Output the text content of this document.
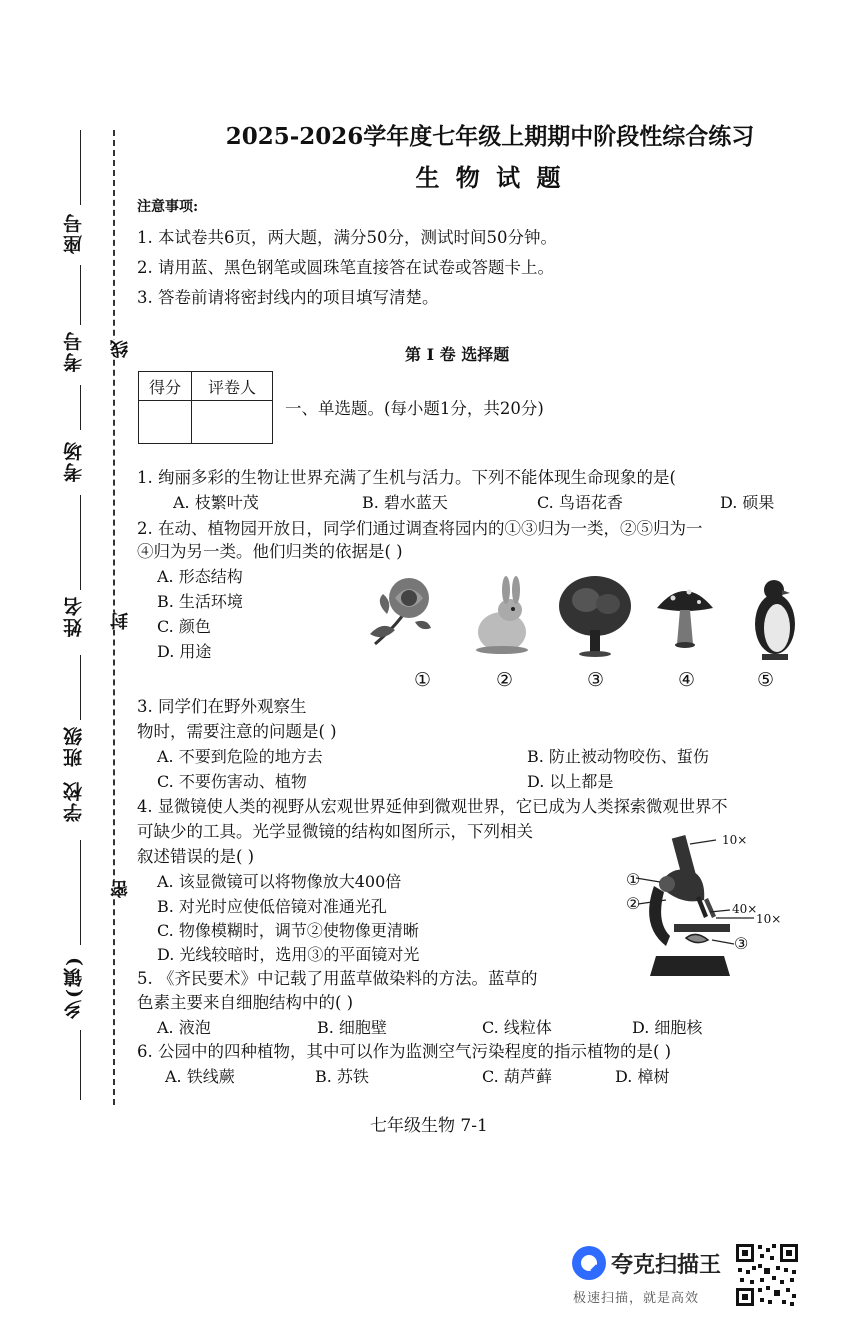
座号
考号
考场
姓名
班级
学校
乡(镇)
线
封
密
2025-2026学年度七年级上期期中阶段性综合练习
生 物 试 题
注意事项:
1. 本试卷共6页，两大题，满分50分，测试时间50分钟。
2. 请用蓝、黑色钢笔或圆珠笔直接答在试卷或答题卡上。
3. 答卷前请将密封线内的项目填写清楚。
第 I 卷 选择题
得分	评卷人

一、单选题。(每小题1分，共20分)
1. 绚丽多彩的生物让世界充满了生机与活力。下列不能体现生命现象的是(
A. 枝繁叶茂	B. 碧水蓝天	C. 鸟语花香	D. 硕果
2. 在动、植物园开放日，同学们通过调查将园内的①③归为一类，②⑤归为一
④归为另一类。他们归类的依据是( )
A. 形态结构
B. 生活环境
C. 颜色
D. 用途
①	②	③	④	⑤
3. 同学们在野外观察生
物时，需要注意的问题是( )
A. 不要到危险的地方去	B. 防止被动物咬伤、蜇伤
C. 不要伤害动、植物	D. 以上都是
4. 显微镜使人类的视野从宏观世界延伸到微观世界，它已成为人类探索微观世界不
可缺少的工具。光学显微镜的结构如图所示，下列相关
叙述错误的是( )
A. 该显微镜可以将物像放大400倍
B. 对光时应使低倍镜对准通光孔
C. 物像模糊时，调节②使物像更清晰
D. 光线较暗时，选用③的平面镜对光
10×
①
②	40×
10×
③
5. 《齐民要术》中记载了用蓝草做染料的方法。蓝草的
色素主要来自细胞结构中的( )
A. 液泡	B. 细胞壁	C. 线粒体	D. 细胞核
6. 公园中的四种植物，其中可以作为监测空气污染程度的指示植物的是( )
A. 铁线蕨	B. 苏铁	C. 葫芦藓	D. 樟树
七年级生物 7-1
夸克扫描王
极速扫描，就是高效
